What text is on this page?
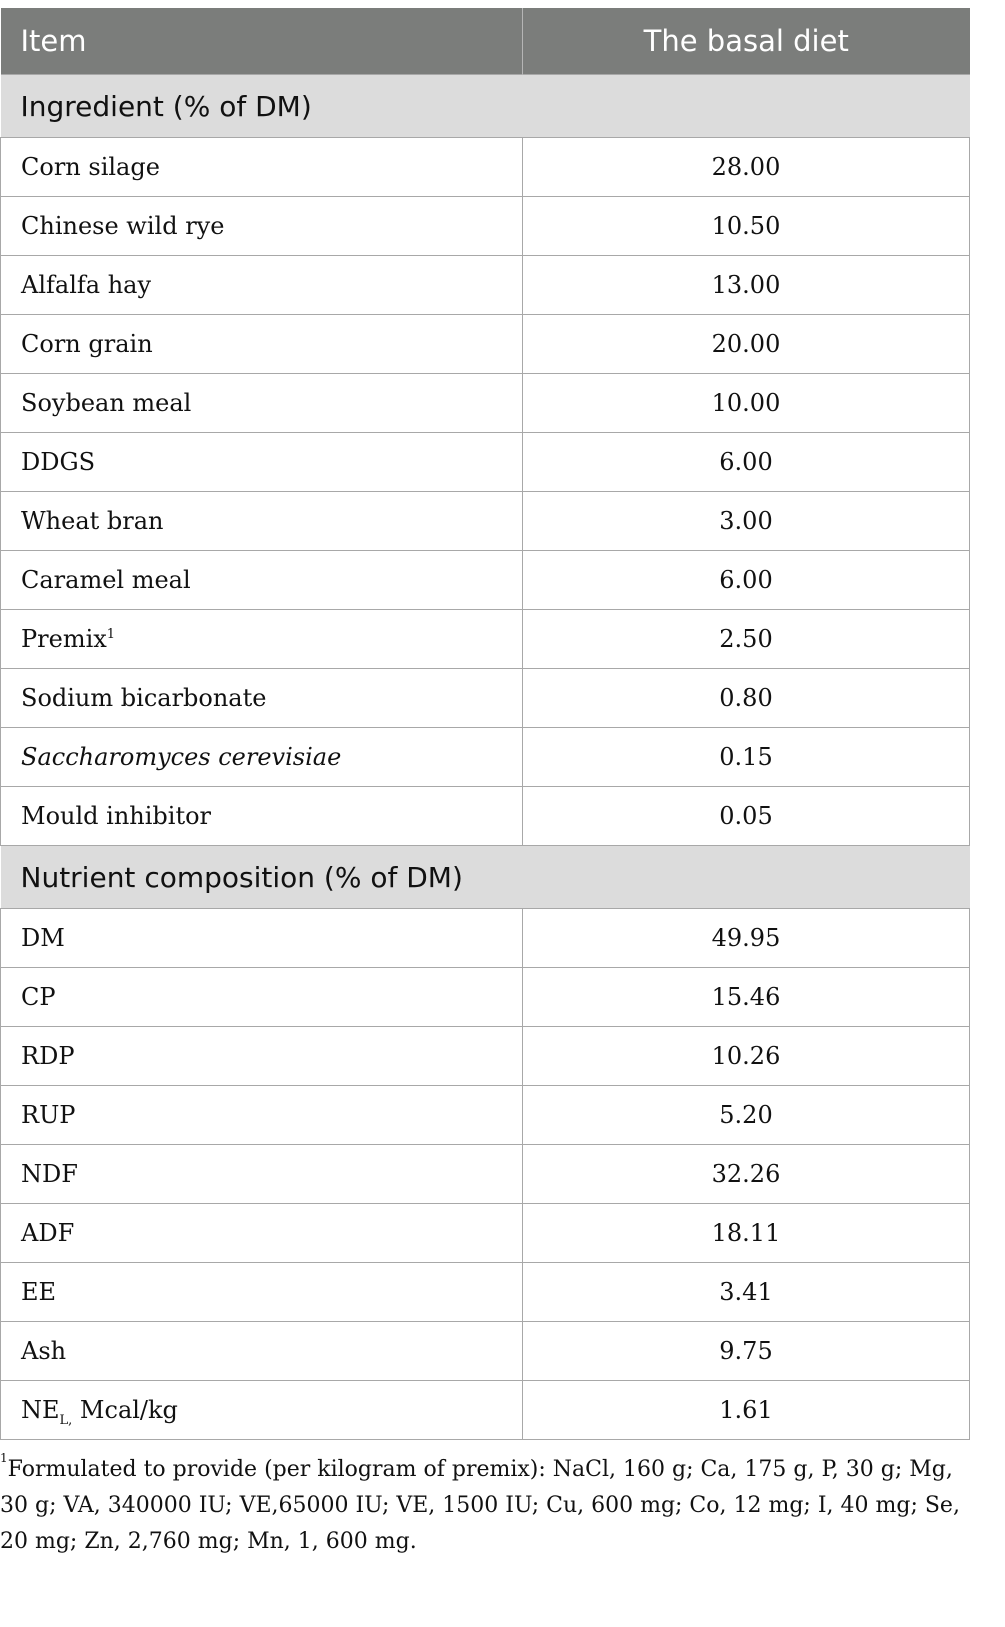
Item	The basal diet
Ingredient (% of DM)	
Corn silage	28.00
Chinese wild rye	10.50
Alfalfa hay	13.00
Corn grain	20.00
Soybean meal	10.00
DDGS	6.00
Wheat bran	3.00
Caramel meal	6.00
Premix$^1$	2.50
Sodium bicarbonate	0.80
Saccharomyces cerevisiae	0.15
Mould inhibitor	0.05
Nutrient composition (% of DM)	
DM	49.95
CP	15.46
RDP	10.26
RUP	5.20
NDF	32.26
ADF	18.11
EE	3.41
Ash	9.75
$NE_{L,}$ Mcal/kg	1.61
$^1$Formulated to provide (per kilogram of premix): NaCl, 160 g; Ca, 175 g, P, 30 g; Mg, 30 g; VA, 340000 IU; VE,65000 IU; VE, 1500 IU; Cu, 600 mg; Co, 12 mg; I, 40 mg; Se, 20 mg; Zn, 2,760 mg; Mn, 1, 600 mg.
